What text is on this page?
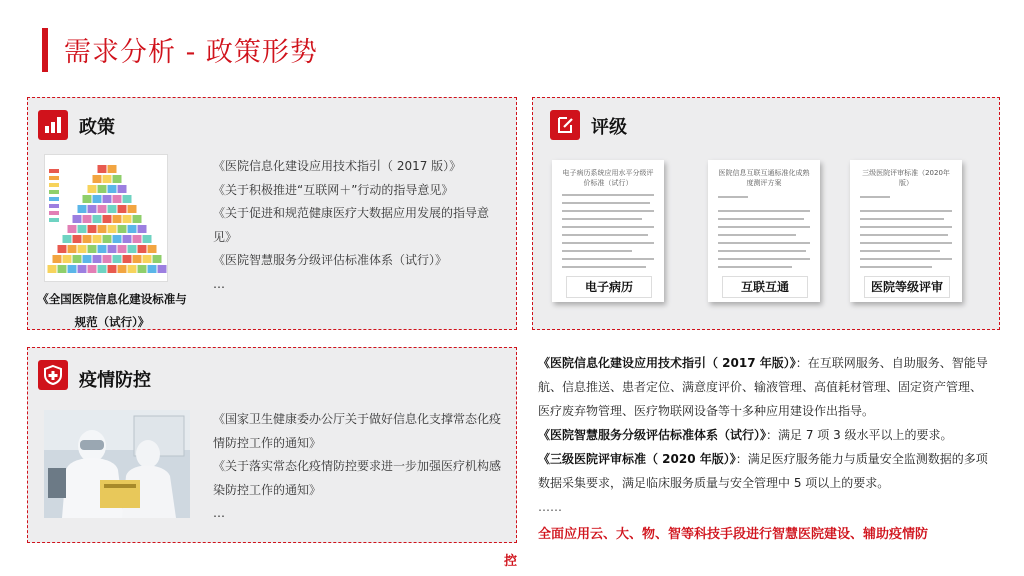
需求分析 - 政策形势
政策
《全国医院信息化建设标准与规范（试行）》
《医院信息化建设应用技术指引（ 2017 版）》
《关于积极推进“互联网＋”行动的指导意见》
《关于促进和规范健康医疗大数据应用发展的指导意见》
《医院智慧服务分级评估标准体系（试行）》
…
评级
电子病历系统应用水平分级评价标准（试行）
电子病历
医院信息互联互通标准化成熟度测评方案
互联互通
三级医院评审标准（2020年版）
医院等级评审
疫情防控
《国家卫生健康委办公厅关于做好信息化支撑常态化疫情防控工作的通知》
《关于落实常态化疫情防控要求进一步加强医疗机构感染防控工作的通知》
…

《医院信息化建设应用技术指引（ 2017 年版）》：在互联网服务、自助服务、智能导航、信息推送、患者定位、满意度评价、输液管理、高值耗材管理、固定资产管理、医疗废弃物管理、医疗物联网设备等十多种应用建设作出指导。

《医院智慧服务分级评估标准体系（试行）》：满足 7 项 3 级水平以上的要求。

《三级医院评审标准（ 2020 年版）》：满足医疗服务能力与质量安全监测数据的多项数据采集要求，满足临床服务质量与安全管理中 5 项以上的要求。

……

全面应用云、大、物、智等科技手段进行智慧医院建设、辅助疫情防
控
